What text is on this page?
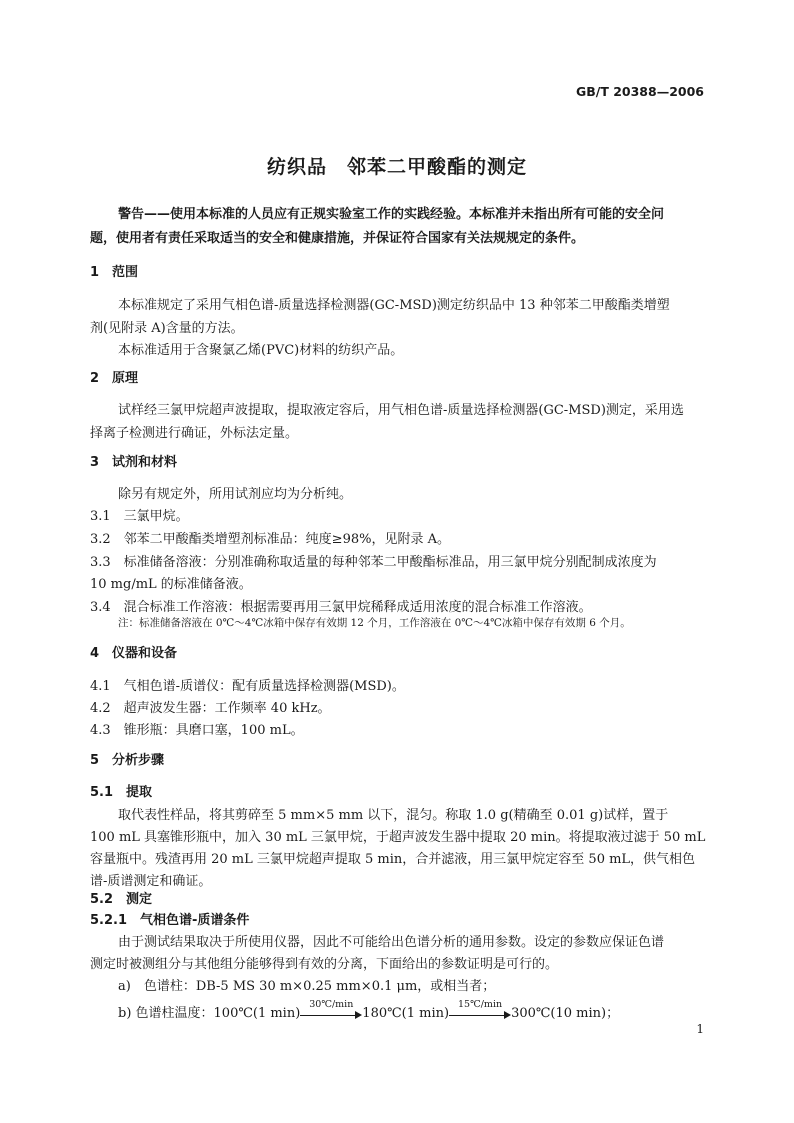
GB/T 20388—2006
纺织品　邻苯二甲酸酯的测定
警告——使用本标准的人员应有正规实验室工作的实践经验。本标准并未指出所有可能的安全问
题，使用者有责任采取适当的安全和健康措施，并保证符合国家有关法规规定的条件。
1　范围
本标准规定了采用气相色谱-质量选择检测器(GC-MSD)测定纺织品中 13 种邻苯二甲酸酯类增塑
剂(见附录 A)含量的方法。
本标准适用于含聚氯乙烯(PVC)材料的纺织产品。
2　原理
试样经三氯甲烷超声波提取，提取液定容后，用气相色谱-质量选择检测器(GC-MSD)测定，采用选
择离子检测进行确证，外标法定量。
3　试剂和材料
除另有规定外，所用试剂应均为分析纯。
3.1　三氯甲烷。
3.2　邻苯二甲酸酯类增塑剂标准品：纯度≥98%，见附录 A。
3.3　标准储备溶液：分别准确称取适量的每种邻苯二甲酸酯标准品，用三氯甲烷分别配制成浓度为
10 mg/mL 的标准储备液。
3.4　混合标准工作溶液：根据需要再用三氯甲烷稀释成适用浓度的混合标准工作溶液。
注：标准储备溶液在 0℃～4℃冰箱中保存有效期 12 个月，工作溶液在 0℃～4℃冰箱中保存有效期 6 个月。
4　仪器和设备
4.1　气相色谱-质谱仪：配有质量选择检测器(MSD)。
4.2　超声波发生器：工作频率 40 kHz。
4.3　锥形瓶：具磨口塞，100 mL。
5　分析步骤
5.1　提取
取代表性样品，将其剪碎至 5 mm×5 mm 以下，混匀。称取 1.0 g(精确至 0.01 g)试样，置于
100 mL 具塞锥形瓶中，加入 30 mL 三氯甲烷，于超声波发生器中提取 20 min。将提取液过滤于 50 mL
容量瓶中。残渣再用 20 mL 三氯甲烷超声提取 5 min，合并滤液，用三氯甲烷定容至 50 mL，供气相色
谱-质谱测定和确证。
5.2　测定
5.2.1　气相色谱-质谱条件
由于测试结果取决于所使用仪器，因此不可能给出色谱分析的通用参数。设定的参数应保证色谱
测定时被测组分与其他组分能够得到有效的分离，下面给出的参数证明是可行的。
a)　色谱柱：DB-5 MS 30 m×0.25 mm×0.1 μm，或相当者；
b) 色谱柱温度：100℃(1 min)
30℃/min
180℃(1 min)
15℃/min
300℃(10 min)；
1
